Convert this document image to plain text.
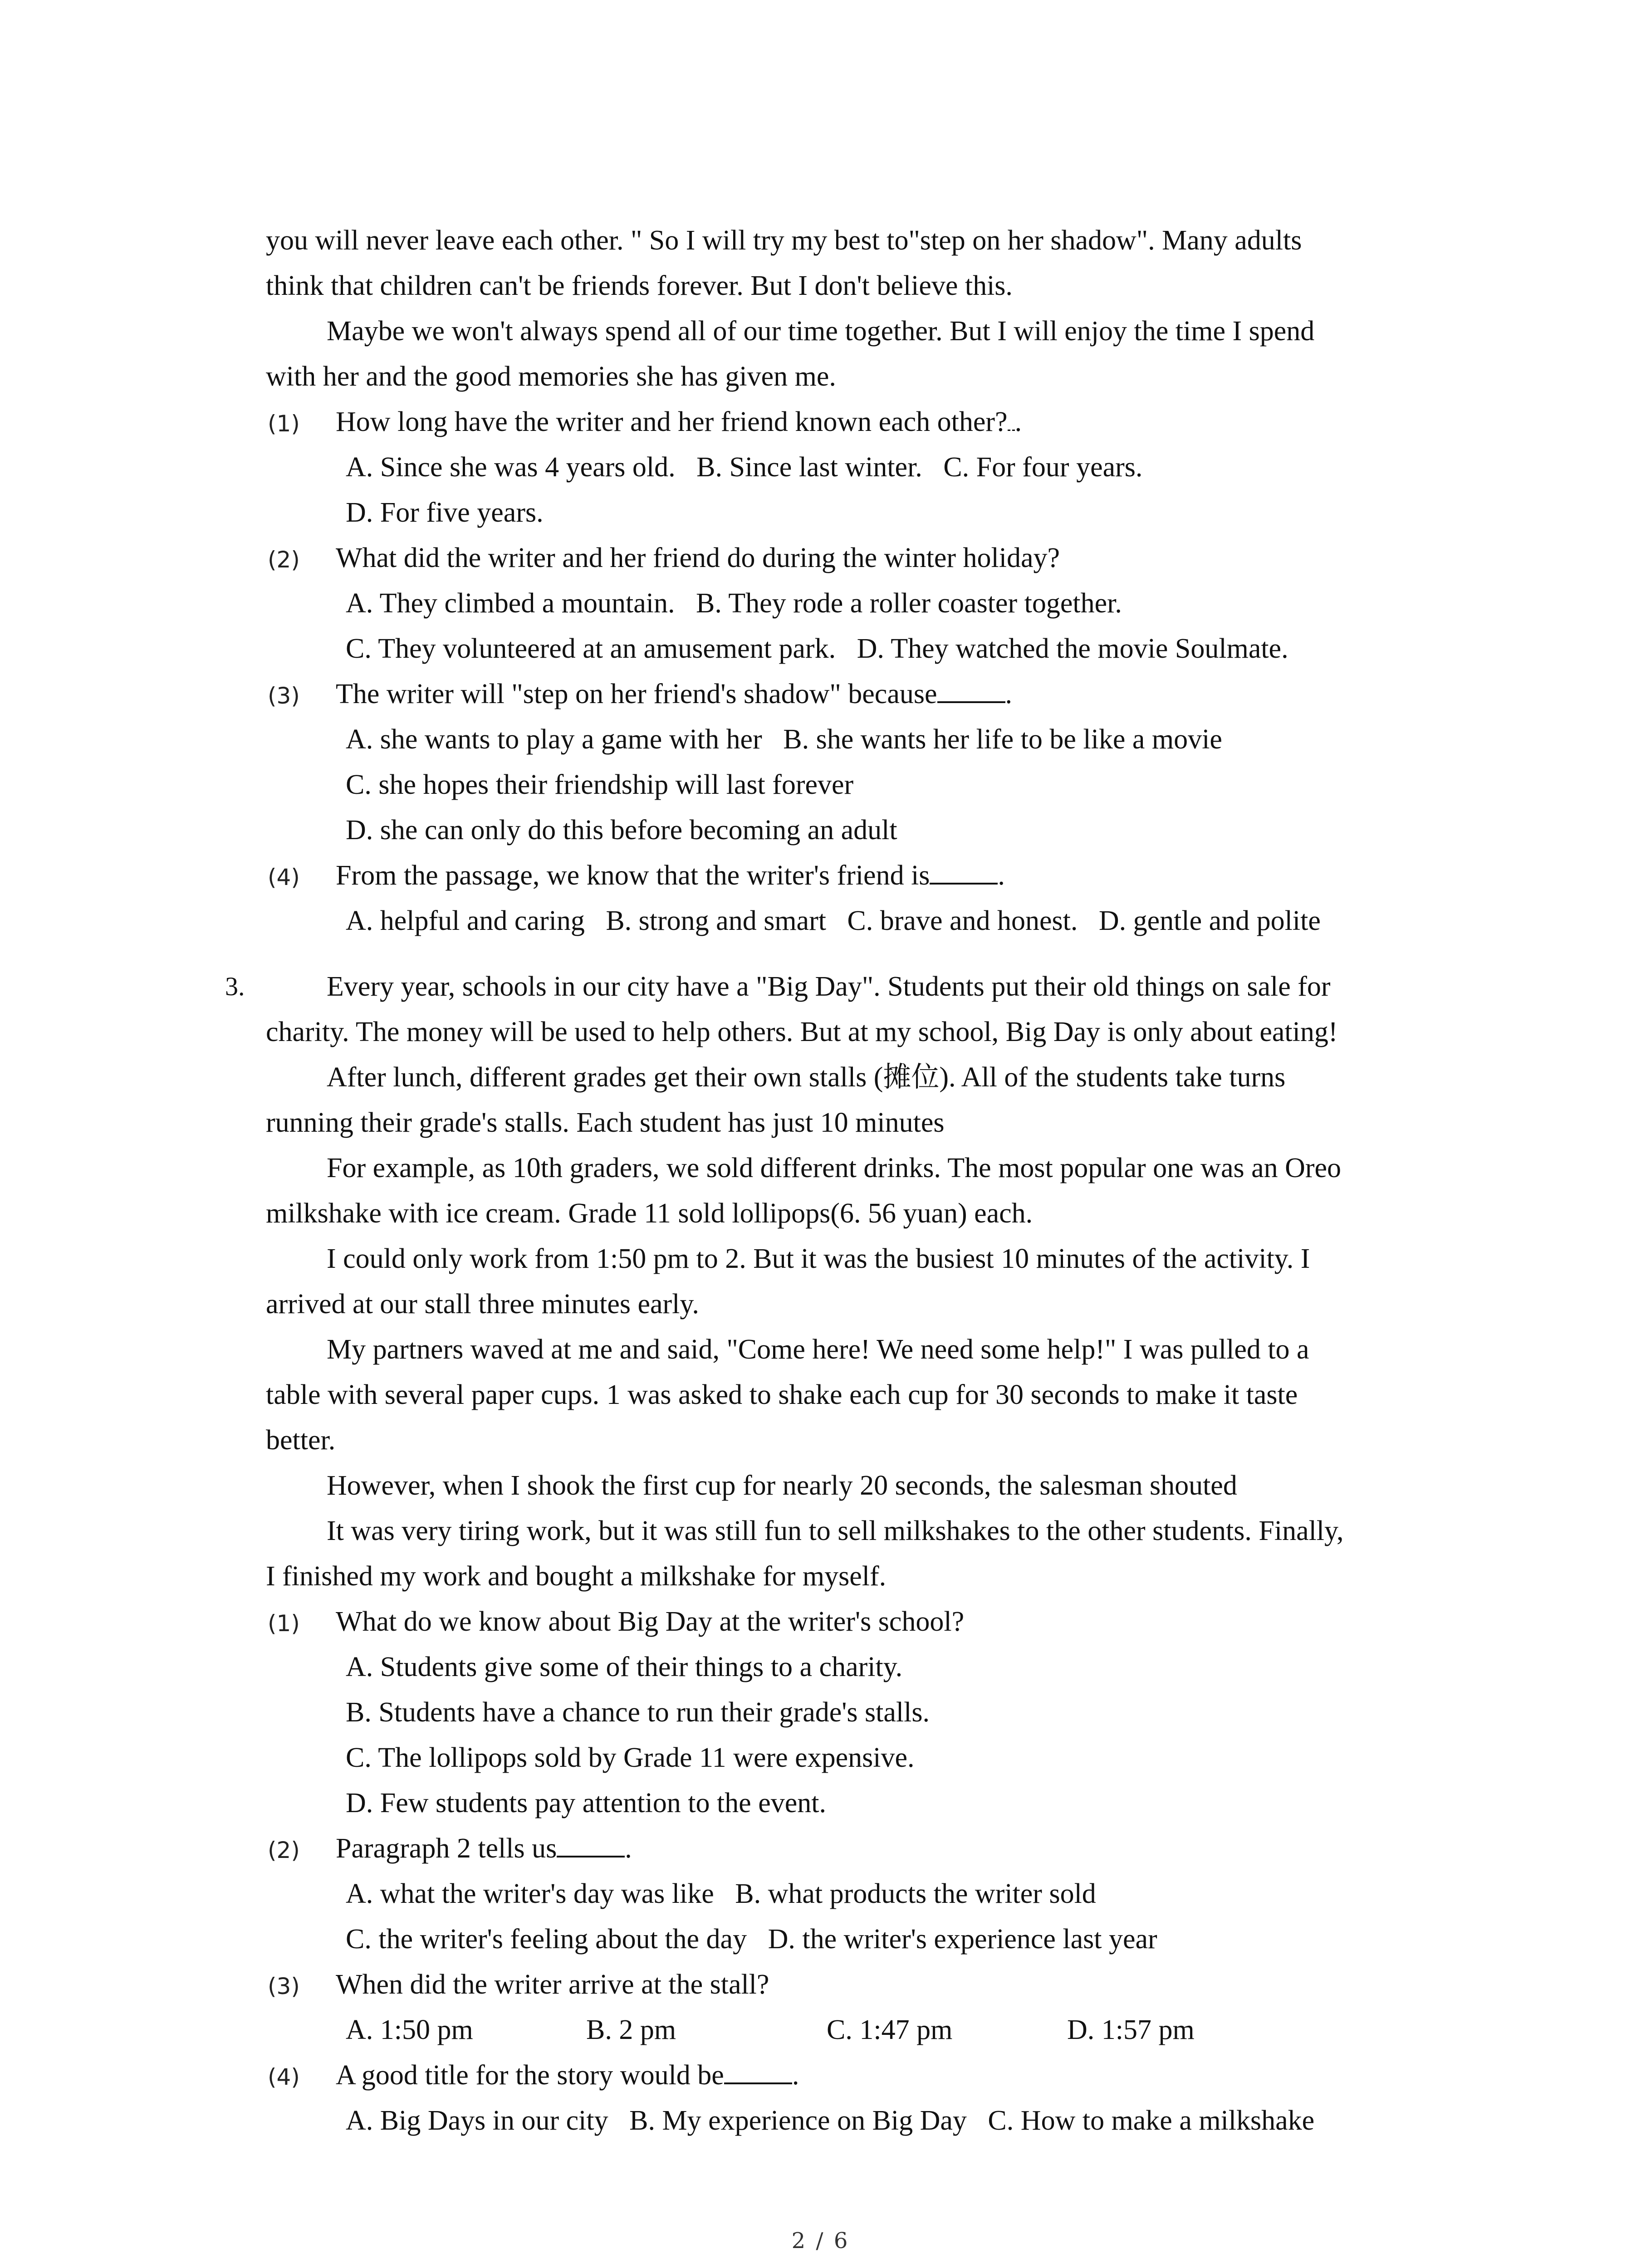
you will never leave each other. " So I will try my best to"step on her shadow". Many adults
think that children can't be friends forever. But I don't believe this.
Maybe we won't always spend all of our time together. But I will enjoy the time I spend
with her and the good memories she has given me.

(1)

How long have the writer and her friend known each other? .

A. Since she was 4 years old.   B. Since last winter.   C. For four years.
D. For five years.

(2)

What did the writer and her friend do during the winter holiday?

A. They climbed a mountain.   B. They rode a roller coaster together.
C. They volunteered at an amusement park.   D. They watched the movie Soulmate.

(3)

The writer will "step on her friend's shadow" because .

A. she wants to play a game with her   B. she wants her life to be like a movie
C. she hopes their friendship will last forever
D. she can only do this before becoming an adult

(4)

From the passage, we know that the writer's friend is .

A. helpful and caring   B. strong and smart   C. brave and honest.   D. gentle and polite
3.	Every year, schools in our city have a "Big Day". Students put their old things on sale for
charity. The money will be used to help others. But at my school, Big Day is only about eating!
After lunch, different grades get their own stalls (摊位). All of the students take turns
running their grade's stalls. Each student has just 10 minutes
For example, as 10th graders, we sold different drinks. The most popular one was an Oreo
milkshake with ice cream. Grade 11 sold lollipops(6. 56 yuan) each.
I could only work from 1:50 pm to 2. But it was the busiest 10 minutes of the activity. I
arrived at our stall three minutes early.
My partners waved at me and said, "Come here! We need some help!" I was pulled to a
table with several paper cups. 1 was asked to shake each cup for 30 seconds to make it taste
better.
However, when I shook the first cup for nearly 20 seconds, the salesman shouted
It was very tiring work, but it was still fun to sell milkshakes to the other students. Finally,
I finished my work and bought a milkshake for myself.

(1)

What do we know about Big Day at the writer's school?

A. Students give some of their things to a charity.
B. Students have a chance to run their grade's stalls.
C. The lollipops sold by Grade 11 were expensive.
D. Few students pay attention to the event.

(2)

Paragraph 2 tells us .

A. what the writer's day was like   B. what products the writer sold
C. the writer's feeling about the day   D. the writer's experience last year

(3)

When did the writer arrive at the stall?

A. 1:50 pm

	B. 2 pm

	C. 1:47 pm

	D. 1:57 pm

(4)

A good title for the story would be .

A. Big Days in our city   B. My experience on Big Day   C. How to make a milkshake
2 / 6
